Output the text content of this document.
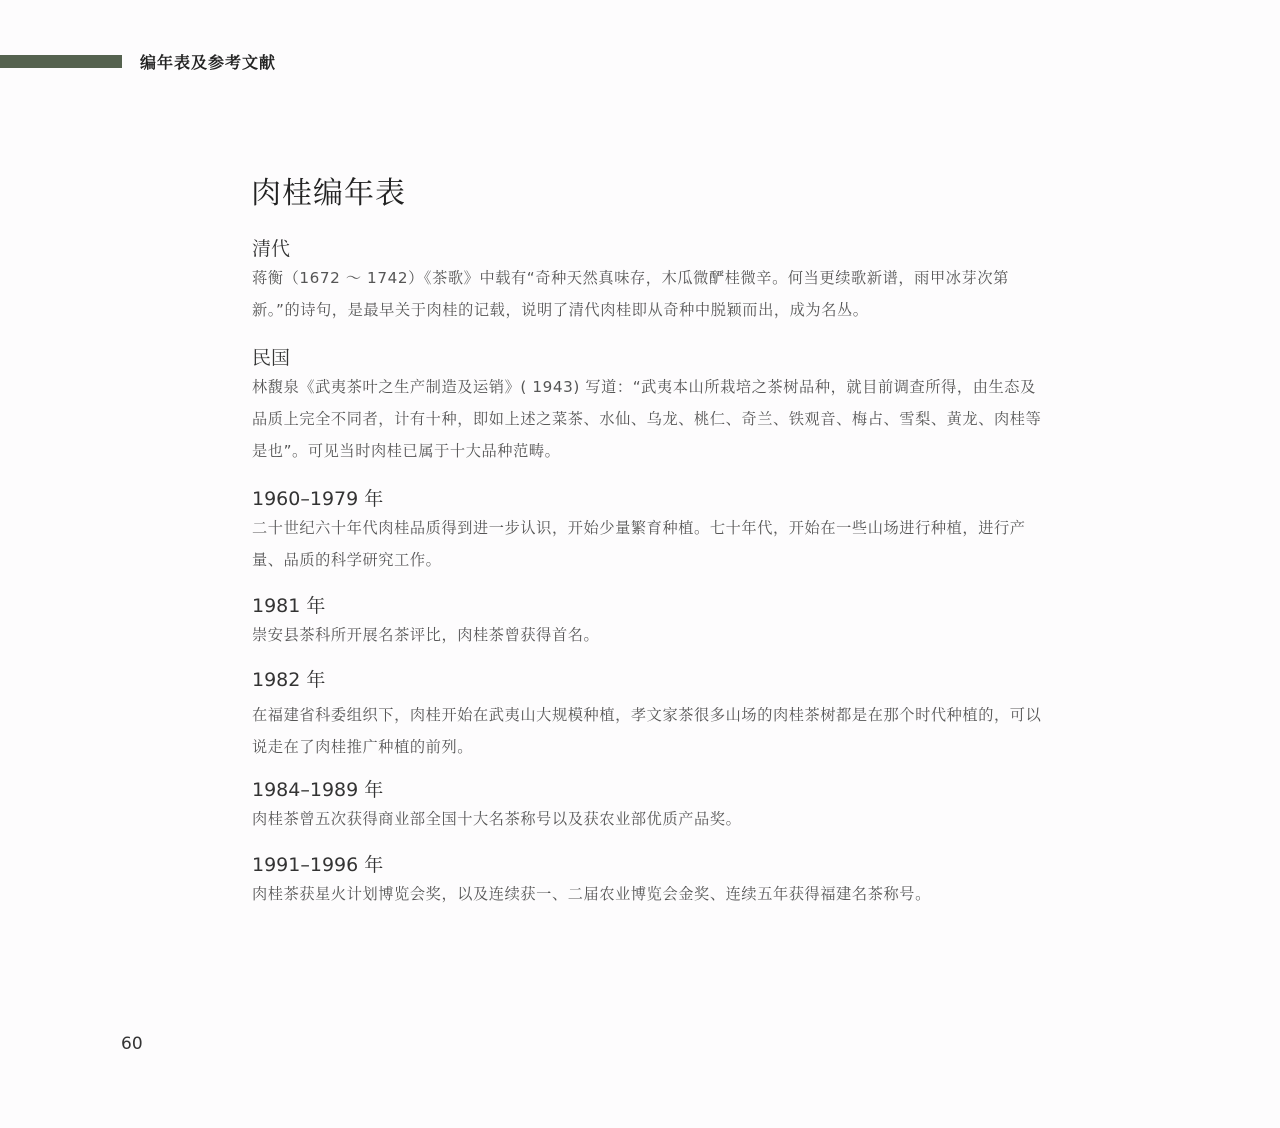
编年表及参考文献
肉桂编年表
清代
蒋衡（1672 ～ 1742）《茶歌》中载有“奇种天然真味存，木瓜微酽桂微辛。何当更续歌新谱，雨甲冰芽次第新。”的诗句，是最早关于肉桂的记载，说明了清代肉桂即从奇种中脱颖而出，成为名丛。
民国
林馥泉《武夷茶叶之生产制造及运销》( 1943) 写道：“武夷本山所栽培之茶树品种，就目前调查所得，由生态及品质上完全不同者，计有十种，即如上述之菜茶、水仙、乌龙、桃仁、奇兰、铁观音、梅占、雪梨、黄龙、肉桂等是也”。可见当时肉桂已属于十大品种范畴。
1960–1979 年
二十世纪六十年代肉桂品质得到进一步认识，开始少量繁育种植。七十年代，开始在一些山场进行种植，进行产量、品质的科学研究工作。
1981 年
崇安县茶科所开展名茶评比，肉桂茶曾获得首名。
1982 年
在福建省科委组织下，肉桂开始在武夷山大规模种植，孝文家茶很多山场的肉桂茶树都是在那个时代种植的，可以说走在了肉桂推广种植的前列。
1984–1989 年
肉桂茶曾五次获得商业部全国十大名茶称号以及获农业部优质产品奖。
1991–1996 年
肉桂茶获星火计划博览会奖，以及连续获一、二届农业博览会金奖、连续五年获得福建名茶称号。
60
